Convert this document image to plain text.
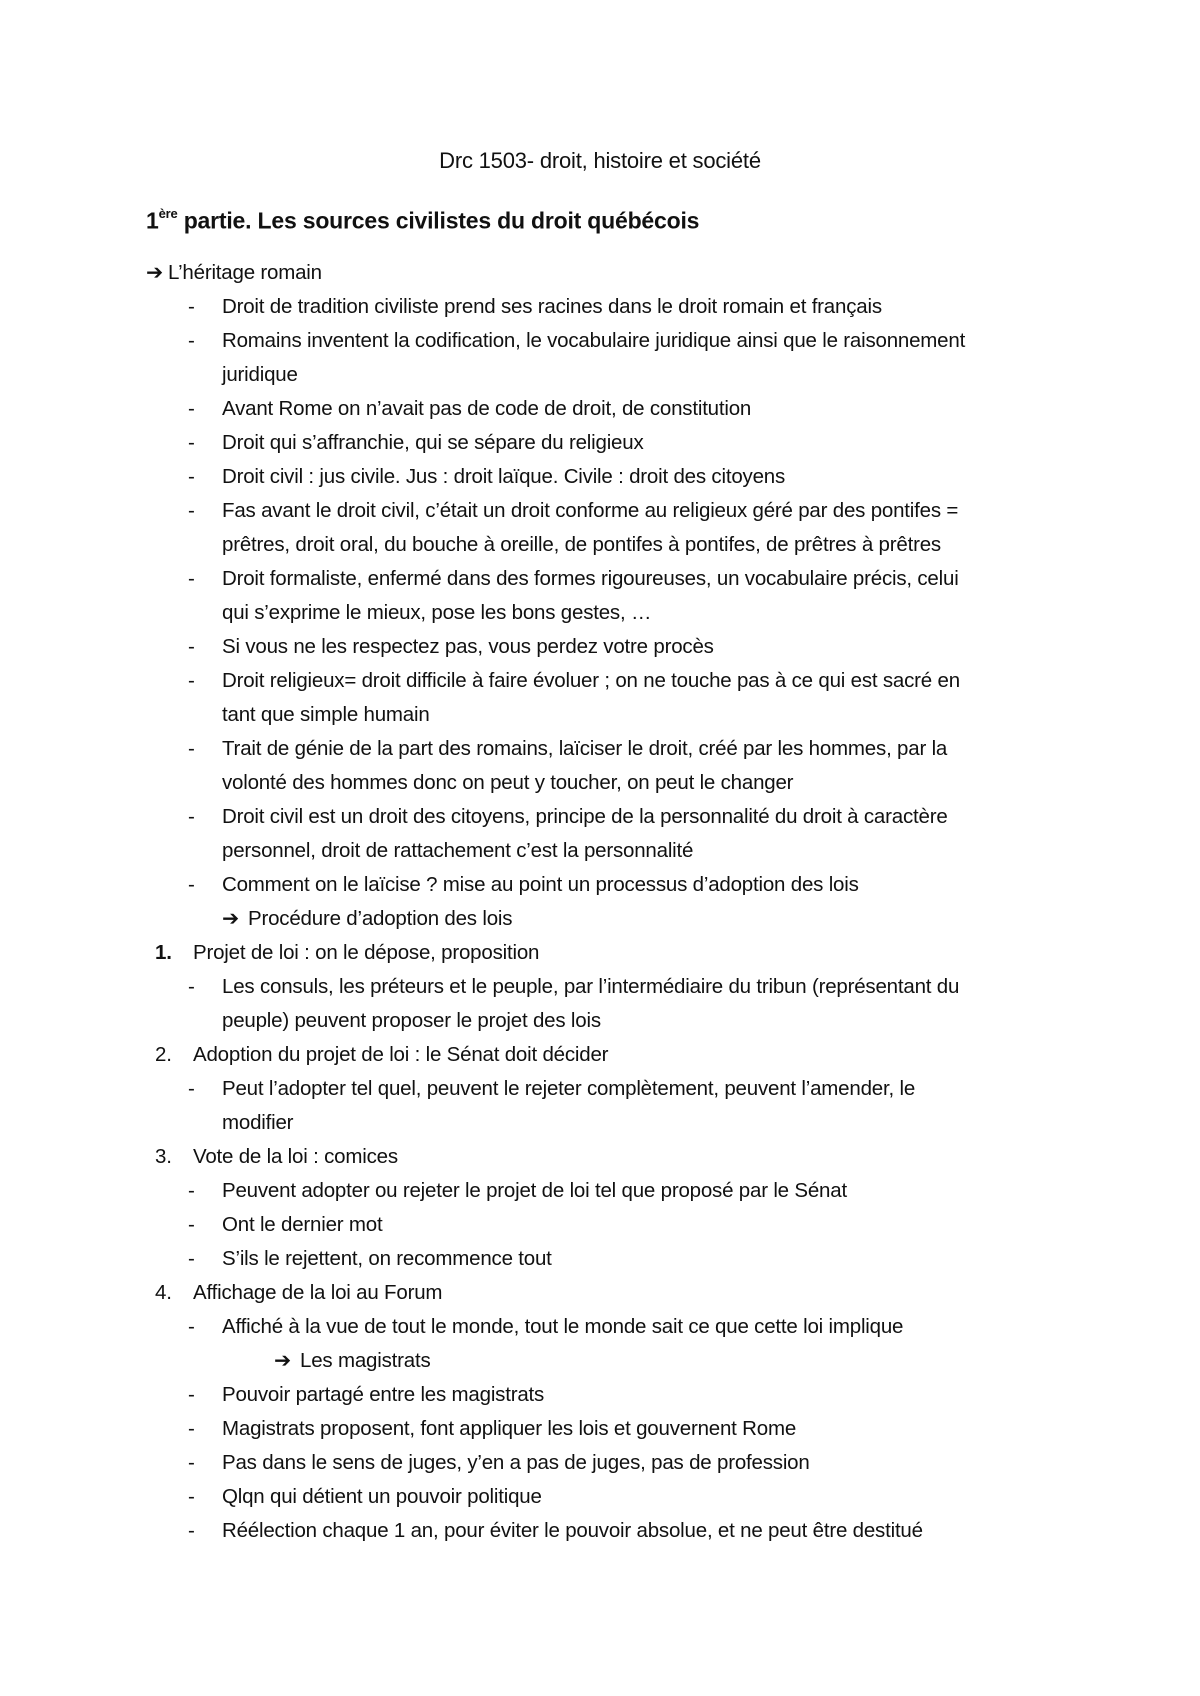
Drc 1503- droit, histoire et société
1ère partie. Les sources civilistes du droit québécois
➔ L’héritage romain
- Droit de tradition civiliste prend ses racines dans le droit romain et français
- Romains inventent la codification, le vocabulaire juridique ainsi que le raisonnement
juridique
- Avant Rome on n’avait pas de code de droit, de constitution
- Droit qui s’affranchie, qui se sépare du religieux
- Droit civil : jus civile. Jus : droit laïque. Civile : droit des citoyens
- Fas avant le droit civil, c’était un droit conforme au religieux géré par des pontifes =
prêtres, droit oral, du bouche à oreille, de pontifes à pontifes, de prêtres à prêtres
- Droit formaliste, enfermé dans des formes rigoureuses, un vocabulaire précis, celui
qui s’exprime le mieux, pose les bons gestes, …
- Si vous ne les respectez pas, vous perdez votre procès
- Droit religieux= droit difficile à faire évoluer ; on ne touche pas à ce qui est sacré en
tant que simple humain
- Trait de génie de la part des romains, laïciser le droit, créé par les hommes, par la
volonté des hommes donc on peut y toucher, on peut le changer
- Droit civil est un droit des citoyens, principe de la personnalité du droit à caractère
personnel, droit de rattachement c’est la personnalité
- Comment on le laïcise ? mise au point un processus d’adoption des lois
➔ Procédure d’adoption des lois
1. Projet de loi : on le dépose, proposition
- Les consuls, les préteurs et le peuple, par l’intermédiaire du tribun (représentant du
peuple) peuvent proposer le projet des lois
2. Adoption du projet de loi : le Sénat doit décider
- Peut l’adopter tel quel, peuvent le rejeter complètement, peuvent l’amender, le
modifier
3. Vote de la loi : comices
- Peuvent adopter ou rejeter le projet de loi tel que proposé par le Sénat
- Ont le dernier mot
- S’ils le rejettent, on recommence tout
4. Affichage de la loi au Forum
- Affiché à la vue de tout le monde, tout le monde sait ce que cette loi implique
➔ Les magistrats
- Pouvoir partagé entre les magistrats
- Magistrats proposent, font appliquer les lois et gouvernent Rome
- Pas dans le sens de juges, y’en a pas de juges, pas de profession
- Qlqn qui détient un pouvoir politique
- Réélection chaque 1 an, pour éviter le pouvoir absolue, et ne peut être destitué
